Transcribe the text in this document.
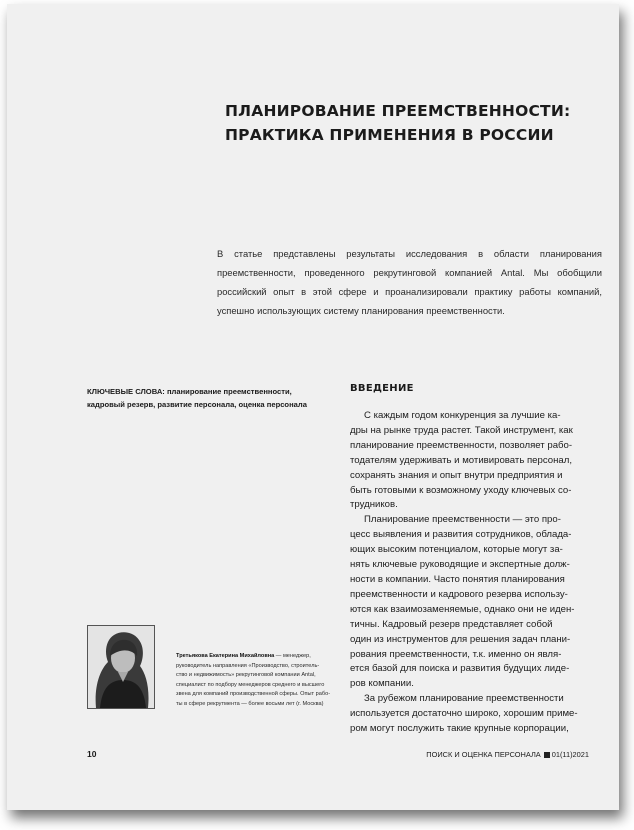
ПЛАНИРОВАНИЕ ПРЕЕМСТВЕННОСТИ:
ПРАКТИКА ПРИМЕНЕНИЯ В РОССИИ
В статье представлены результаты исследования в области планирования преемственности, проведенного рекрутинговой компанией Antal. Мы обобщили российский опыт в этой сфере и проанализировали практику работы компаний, успешно использующих систему планирования преемственности.
КЛЮЧЕВЫЕ СЛОВА: планирование преемственности, кадровый резерв, развитие персонала, оценка персонала
ВВЕДЕНИЕ
С каждым годом конкуренция за лучшие ка-
дры на рынке труда растет. Такой инструмент, как
планирование преемственности, позволяет рабо-
тодателям удерживать и мотивировать персонал,
сохранять знания и опыт внутри предприятия и
быть готовыми к возможному уходу ключевых со-
трудников.
Планирование преемственности — это про-
цесс выявления и развития сотрудников, облада-
ющих высоким потенциалом, которые могут за-
нять ключевые руководящие и экспертные долж-
ности в компании. Часто понятия планирования
преемственности и кадрового резерва использу-
ются как взаимозаменяемые, однако они не иден-
тичны. Кадровый резерв представляет собой
один из инструментов для решения задач плани-
рования преемственности, т.к. именно он явля-
ется базой для поиска и развития будущих лиде-
ров компании.
За рубежом планирование преемственности
используется достаточно широко, хорошим приме-
ром могут послужить такие крупные корпорации,
Третьякова Екатерина Михайловна — менеджер,
руководитель направления «Производство, строитель-
ство и недвижимость» рекрутинговой компании Antal,
специалист по подбору менеджеров среднего и высшего
звена для компаний производственной сферы. Опыт рабо-
ты в сфере рекрутмента — более восьми лет (г. Москва)
10	ПОИСК И ОЦЕНКА ПЕРСОНАЛА 01(11)2021
